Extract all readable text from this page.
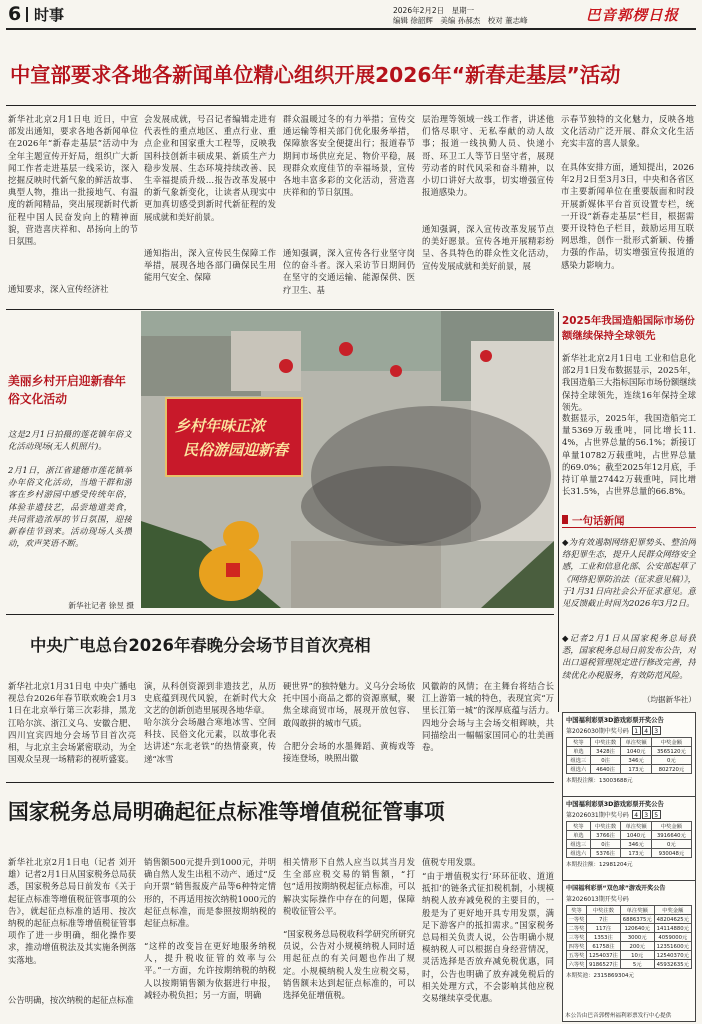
6 时事	2026年2月2日　星期一
编辑 徐韶辉　美编 孙郝杰　校对 董志峰	巴音郭楞日报
中宣部要求各地各新闻单位精心组织开展2026年“新春走基层”活动
新华社北京2月1日电 近日，中宣部发出通知，要求各地各新闻单位在2026年“新春走基层”活动中为全年主题宣传开好局，组织广大新闻工作者走进基层一线采访，深入挖掘反映时代新气象的鲜活故事、典型人物，推出一批接地气、有温度的新闻精品，突出展现新时代新征程中国人民奋发向上的精神面貌，营造喜庆祥和、昂扬向上的节日氛围。
通知要求，深入宣传经济社
会发展成就，号召记者编辑走进有代表性的重点地区、重点行业、重点企业和国家重大工程等，反映我国科技创新丰硕成果、新质生产力稳步发展、生态环境持续改善、民生幸福提质升级…报告改革发展中的新气象新变化，让读者从现实中更加真切感受到新时代新征程的发展成就和美好前景。
通知指出，深入宣传民生保障工作举措，展现各地各部门确保民生用能用气安全、保障
群众温暖过冬的有力举措；宣传交通运输等相关部门优化服务举措，保障旅客安全便捷出行；报道春节期间市场供应充足、物价平稳，展现群众欢度佳节的幸福场景，宣传各地丰富多彩的文化活动，营造喜庆祥和的节日氛围。
通知强调，深入宣传各行业坚守岗位的奋斗者。深入采访节日期间仍在坚守的交通运输、能源保供、医疗卫生、基
层治理等领域一线工作者，讲述他们恪尽职守、无私奉献的动人故事；报道一线执勤人员、快递小哥、环卫工人等节日坚守者，展现劳动者的时代风采和奋斗精神，以小切口讲好大故事，切实增强宣传报道感染力。
通知强调，深入宣传改革发展节点的美好愿景。宣传各地开展精彩纷呈、各具特色的群众性文化活动，宣传发展成就和美好前景，展
示春节独特的文化魅力，反映各地文化活动广泛开展、群众文化生活充实丰富的喜人景象。
在具体安排方面，通知提出，2026年2月2日至3月3日，中央和各省区市主要新闻单位在重要版面和时段开展新媒体平台首页设置专栏，统一开设“新春走基层”栏目，根据需要开设特色子栏目，鼓励运用互联网思维，创作一批形式新颖、传播力强的作品，切实增强宣传报道的感染力影响力。
美丽乡村开启迎新春年俗文化活动
这是2月1日拍摄的莲花镇年俗文化活动现场(无人机照片)。
2月1日，浙江省建德市莲花镇举办年俗文化活动，当地干群和游客在乡村游园中感受传统年俗，体验非遗技艺，品尝地道美食，共同营造浓厚的节日氛围，迎接新春佳节到来。活动现场人头攒动，欢声笑语不断。
新华社记者 徐昱 摄
乡村年味正浓
民俗游园迎新春
2025年我国造船国际市场份额继续保持全球领先
新华社北京2月1日电 工业和信息化部2月1日发布数据显示，2025年，我国造船三大指标国际市场份额继续保持全球领先，连续16年保持全球领先。
数据显示，2025年，我国造船完工量5369万载重吨，同比增长11.4%，占世界总量的56.1%；新接订单量10782万载重吨，占世界总量的69.0%；截至2025年12月底，手持订单量27442万载重吨，同比增长31.5%，占世界总量的66.8%。
一句话新闻
◆为有效遏制网络犯罪势头、整治网络犯罪生态，提升人民群众网络安全感，工业和信息化部、公安部起草了《网络犯罪防治法（征求意见稿）》，于1月31日向社会公开征求意见。意见反馈截止时间为2026年3月2日。
◆记者2月1日从国家税务总局获悉，国家税务总局日前发布公告，对出口退税管理规定进行修改完善，持续优化办税服务，有效防范风险。
（均据新华社）
中央广电总台2026年春晚分会场节目首次亮相
新华社北京1月31日电 中央广播电视总台2026年春节联欢晚会1月31日在北京举行第三次彩排，黑龙江哈尔滨、浙江义乌、安徽合肥、四川宜宾四地分会场节目首次亮相，与北京主会场紧密联动，为全国观众呈现一场精彩的视听盛宴。
演，从科创资源到非遗技艺，从历史底蕴到现代风貌，在新时代大众文艺的创新创造里展现各地华章。
哈尔滨分会场融合寒地冰雪、空间科技、民俗文化元素，以故事化表达讲述“东北老铁”的热情豪爽，传递“冰雪
硬世界”的独特魅力。义乌分会场依托中国小商品之都的资源禀赋，聚焦全球商贸市场，展现开放包容、敢闯敢拼的城市气质。
合肥分会场的水墨舞蹈、黄梅戏等接连登场，映照出徽
风徽韵的风情；在主舞台将结合长江上游第一城的特色，表现宜宾“万里长江第一城”的深厚底蕴与活力。四地分会场与主会场交相辉映，共同描绘出一幅幅家国同心的壮美画卷。
国家税务总局明确起征点标准等增值税征管事项
新华社北京2月1日电（记者 刘开雄）记者2月1日从国家税务总局获悉，国家税务总局日前发布《关于起征点标准等增值税征管事项的公告》，就起征点标准的适用、按次纳税的起征点标准等增值税征管事项作了进一步明确，细化操作要求，推动增值税法及其实施条例落实落地。
公告明确，按次纳税的起征点标准
销售额500元提升到1000元，并明确自然人发生出租不动产、通过“反向开票”销售报废产品等6种特定情形的，不再适用按次纳税1000元的起征点标准，而是参照按期纳税的起征点标准。
“这样的改变旨在更好地服务纳税人，提升税收征管的效率与公平。”一方面，允许按期纳税的纳税人以按期销售额为依据进行申报，减轻办税负担；另一方面，明确
相关情形下自然人应当以其当月发生全部应税交易的销售额，“打包”适用按期纳税起征点标准，可以解决实际操作中存在的问题，保障税收征管公平。
“国家税务总局税收科学研究所研究员说，公告对小规模纳税人同时适用起征点的有关问题也作出了规定。小规模纳税人发生应税交易，销售额未达到起征点标准的，可以选择免征增值税。
值税专用发票。
“由于增值税实行‘环环征收、道道抵扣’的链条式征扣税机制，小规模纳税人放弃减免税的主要目的，一般是为了更好地开具专用发票，满足下游客户的抵扣需求。”国家税务总局相关负责人说，公告明确小规模纳税人可以根据自身经营情况，灵活选择是否放弃减免税优惠，同时，公告也明确了放弃减免税后的相关处理方式，不会影响其他应税交易继续享受优惠。
中国福利彩票3D游戏彩票开奖公告
第2026030期中奖号码 1 4 3
奖等	中奖注数	单注奖额	中奖金额
单选	3428注	1040元	3565120元
组选三	0注	346元	0元
组选六	4640注	173元	802720元
本期投注额：13003688元
中国福利彩票3D游戏彩票开奖公告
第2026031期中奖号码 4 3 5
奖等	中奖注数	单注奖额	中奖金额
单选	3766注	1040元	3916640元
组选三	0注	346元	0元
组选六	5376注	173元	930048元
本期投注额：12981204元
中国福利彩票“双色球”游戏开奖公告
第2026013期开奖号码
奖等	中奖注数	单注奖额	中奖金额
一等奖	7注	6886375元	48204625元
二等奖	117注	120640元	14114880元
三等奖	1353注	3000元	4059000元
四等奖	61758注	200元	12351600元
五等奖	1254037注	10元	12540370元
六等奖	9186527注	5元	45932635元
本期奖池：2315869304元
本公告由巴音郭楞州福利彩票发行中心提供
